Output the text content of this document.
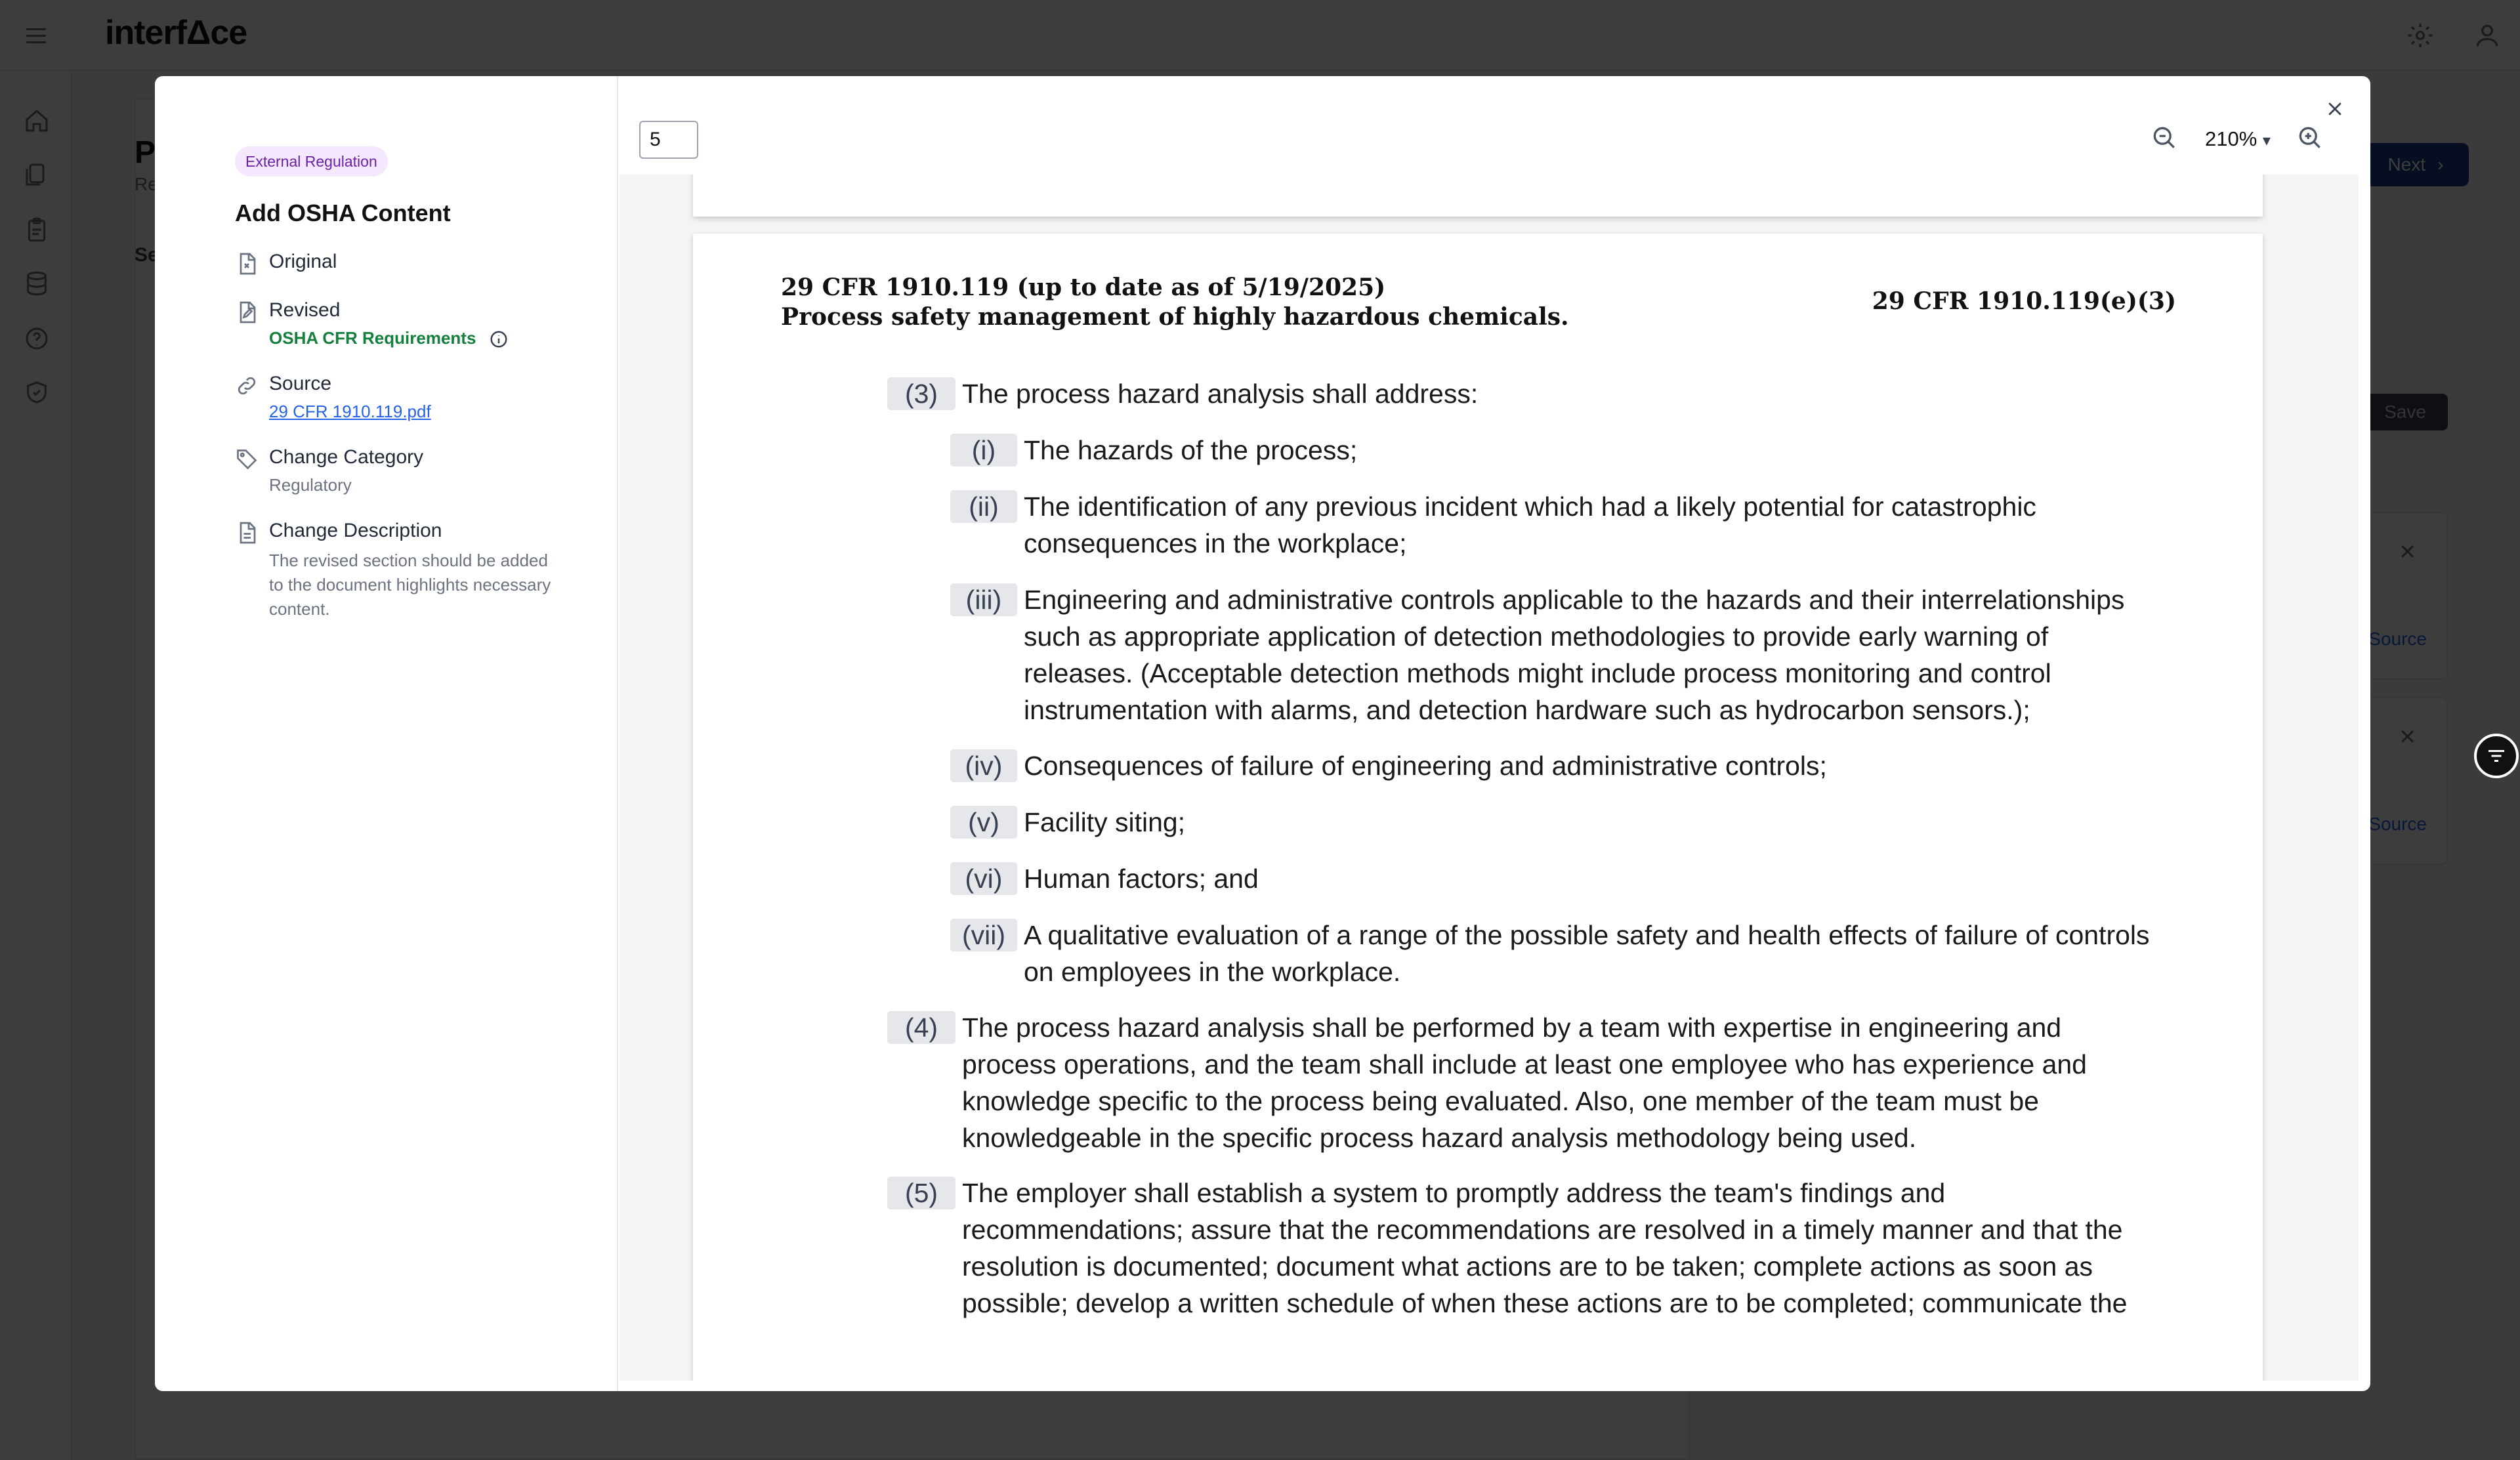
External Regulation
Add OSHA Content
Original
Revised
OSHA CFR Requirements
Source
29 CFR 1910.119.pdf
Change Category
Regulatory
Change Description
The revised section should be added to the document highlights necessary content.
5
210% ▾
29 CFR 1910.119 (up to date as of 5/19/2025)
Process safety management of highly hazardous chemicals.
29 CFR 1910.119(e)(3)
(3) The process hazard analysis shall address:
(i)	The hazards of the process;
(ii) The identification of any previous incident which had a likely potential for catastrophic consequences in the workplace;
(iii) Engineering and administrative controls applicable to the hazards and their interrelationships such as appropriate application of detection methodologies to provide early warning of releases. (Acceptable detection methods might include process monitoring and control instrumentation with alarms, and detection hardware such as hydrocarbon sensors.);
(iv) Consequences of failure of engineering and administrative controls;
(v) Facility siting;
(vi) Human factors; and
(vii) A qualitative evaluation of a range of the possible safety and health effects of failure of controls on employees in the workplace.
(4) The process hazard analysis shall be performed by a team with expertise in engineering and process operations, and the team shall include at least one employee who has experience and knowledge specific to the process being evaluated. Also, one member of the team must be knowledgeable in the specific process hazard analysis methodology being used.
(5) The employer shall establish a system to promptly address the team's findings and recommendations; assure that the recommendations are resolved in a timely manner and that the resolution is documented; document what actions are to be taken; complete actions as soon as possible; develop a written schedule of when these actions are to be completed; communicate the
